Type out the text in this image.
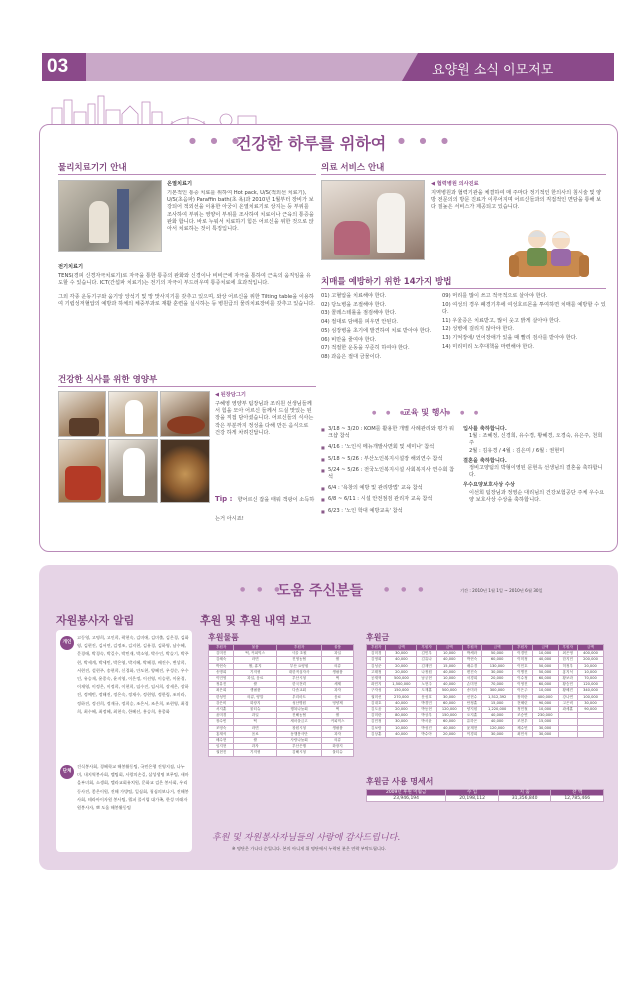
03	요양원 소식 이모저모
● ● ●
건강한 하루를 위하여 ● ● ●
물리치료기기 안내
온열치료기
기본적인 통증 치료를 위하여 Hot pack, U/S(적외선 치료기), U/S(초음파) Paraffin bath(초 욕)과 2010년 1월부터 장비가 보강되어 적외선을 이용한 아궁이 온열치료기로 상지는 등 부위를 조사하여 부위는 영양이 부위를 조사하여 치료이나 근육의 통증을 완화 합니다. 바로 누워서 치료하기 힘든 어르신을 위한 것으로 앉아서 치료하는 것이 특징입니다.
전기치료기
TENS(경피 신경자극치료기)로 자극을 통한 통증의 완화와 신경이나 비비근에 자극을 통하여 근육의 움직임을 유도할 수 있습니다. ICT(간섭파 치료기)는 전기의 자극이 부드러우며 통증치료에 효과적입니다.
그외 각종 운동기구와 움기앙 앙석기 및 망 맛사지기를 갖추고 있으며, 와상 어르신을 위한 Tilting table을 이용하여 기립성저혈압의 예방과 하체의 체중부과로 재활 훈련을 실시하는 등 병원급의 물리치료장비를 갖추고 있습니다.
의료 서비스 안내
◀ 협력병원 의사진료
지역병원과 협력기관을 체결하여 매 주마다 정기적인 한의사의 침시술 및 양방 전문의의 방문 진료가 이루어지며 어르신들과의 직접적인 면담을 통해 보다 질높은 서비스가 제공되고 있습니다.
치매를 예방하기 위한 14가지 방법
01) 고혈압을 치료해야 한다.
02) 당뇨병을 조절해야 한다.
03) 콜레스테롤을 점검해야 한다.
04) 절대로 담배를 피우면 안된다.
05) 심장병을 초기에 발견하여 치료 받아야 한다.
06) 비만을 줄여야 한다.
07) 적절한 운동을 꾸준히 하여야 한다.
08) 과음은 절대 금물이다.
09) 머리를 많이 쓰고 적극적으로 살아야 한다.
10) 여성의 경우 폐경기후에 여성호르몬을 투여하면 치매를 예방할 수 있다.
11) 우울증은 치료받고, 많이 웃고 밝게 살아야 한다.
12) 성병에 걸리지 않아야 한다.
13) 기억장애/ 언어장애가 있을 때 빨리 검사를 받아야 한다.
14) 미리미리 노후대책을 마련해야 한다.
건강한 식사를 위한 영양부
◀ 된장담그기
구혜영 영양부 팀장님과 조리원 선생님들께서 힘을 모아 어르신 들께서 드실 맛있는 된장을 직접 담아셨습니다. 어르신들의 식사는 작은 부분까지 정성을 다해 만든 음식으로 건강 하게 차려진답니다.
Tip : 향어르신 잡을 태워 객팡이 소득하는거 아시죠!
● ● ●
교육 및 행사
● ● ●
■ 3/18 ~ 3/20 : KOM를 활용한 개별 사례관리와 평가 워크샵 참석
■ 4/16 : '노인식 메뉴개발사면회 및 세미나' 참석
■ 5/18 ~ 5/26 : 부산노인복지시설장 해외연수 참석
■ 5/24 ~ 5/26 : 전국노인복지시설 사회복지사 연수회 참석
■ 6/4 : '욕창의 예방 및 관리방법' 교육 참석
■ 6/8 ~ 6/11 : 시설 안전점검 관리자 교육 참석
■ 6/23 : '노인 학대 예방교육' 참석
입사를 축하합니다.
1월 : 조혜정, 신경희, 유수경, 황혜경, 오경숙, 유은주, 천희주
2월 : 김유경 / 4월 : 김은미 / 6월 : 권현미
결혼을 축하합니다.
정비고양팀의 박형이영된 문현옥 선생님의 결혼을 축하합니다.
우수요양보호사상 수상
이선희 팀장님과 정영순 대리님의 건강보험공단 주체 우수요양 보호사상 수상을 축하합니다.
● ● ●
도움 주신분들	● ● ●	기간 : 2010년 1월 1일 ~ 2010년 6월 30일
자원봉사자 알림
개인
고동영, 고명희, 고인희, 곽현숙, 김미애, 김미출, 김은경, 김화영, 김현진, 김서연, 김정조, 김지현, 김유경, 김하영, 남수혜, 문경애, 박경숙, 박길수, 박민재, 박소영, 박수인, 박슬기, 박주현, 박세계, 박세민, 박은영, 박지혜, 박혜경, 배진수, 변상희, 서현진, 설현주, 송현희, 신경화, 안도현, 양혜진, 우성순, 우수인, 유승재, 윤종숙, 윤지영, 이은정, 이선영, 이승현, 이윤경, 이재영, 이정은, 이정희, 이현희, 임수진, 임서희, 장세은, 장하진, 정예빈, 정해진, 정은숙, 정재수, 정현영, 정한림, 조미라, 정하진, 정선희, 정재규, 정희승, 조은서, 조은희, 조현영, 최경희, 최수혜, 최정혜, 최현숙, 한혜선, 홍승희, 홍종화
단체
건식봉사회, 경혜학교 해봉활동팀, 국민은행 진영지점, 나누미, 내지역봉사회, 멜팀회, 사랑의손길, 삼성생명 보무팀, 새마을부녀회, 소생회, 엘라교회유치원, 문화교 검은 봉사회, 우리동사진, 좋은이원, 진해 가방팀, 일심회, 청심의보나거, 진해봉사회, 테라아이자원 봉사팀, 헬퍼 풀시럽 대가족, 한성 미래자원봉사자, 뽀 도움 해봉활동팀
후원 및 후원 내역 보고
후원물품
후원자	물품	후원자	물품
김미진	떡, 커피믹스	시골 초원	과일
김혜숙	라면	진영농협	쌀
박현숙	쌀, 휴지	부산 요양원	의류
송명희	기저귀	대한적십자사	생필품
이민영	과일, 음료	부산시청	떡
정유진	쌀	한국전력	세제
최은희	생필품	다솜교회	과자
한성민	의류, 양말	우리마트	음료
강은비	화장지	성산병원	영양제
서지훈	물티슈	행복나눔회	떡
윤미경	과일	진해농협	쌀
장수빈	떡	새마을금고	커피믹스
조영숙	라면	창원시청	생필품
홍재석	음료	동행봉사단	과자
배수현	쌀	사랑나눔회	의류
임지현	과자	부산은행	화장지
권현진	기저귀	김해시청	물티슈
후원금
후원자	금액	후원자	금액	후원자	금액	후원자	금액	후원자	금액
김미경	30,000	김민우	10,000	박세라	50,000	이경민	10,000	최은영	400,000
김영희	40,000	김유나	40,000	박현숙	60,000	이미정	40,000	한지민	200,000
김성준	20,000	김재민	15,000	배수경	130,000	이민호	50,000	허정우	20,000
고태정	20,000	나정원	40,000	변진숙	30,000	이병진	50,000	홍지석	10,000
공재혁	500,000	남궁현	10,000	서경희	20,000	이수정	60,000	황보라	70,000
곽민지	1,500,000	노현주	40,000	손미현	70,000	이영진	60,000	황승민	120,000
구자성	150,000	도재훈	500,000	송미라	300,000	이은주	10,000	황혜진	340,000
권미선	270,000	문성호	30,000	신현수	1,512,392	장미란	400,000	강나연	100,000
김대호	40,000	박경민	60,000	안정훈	15,000	전혜린	90,000	고은비	30,000
김도윤	20,000	박동현	120,000	양지원	1,220,000	정민철	10,000	곽세훈	90,000
김미란	80,000	박상우	150,000	오지훈	40,000	조승연	230,000		
김민정	30,000	박서윤	60,000	유하은	40,000	조현우	15,000		
김보람	10,000	박성진	40,000	윤재현	120,000	채수빈	30,000		
김상훈	40,000	박수아	20,000	이경희	30,000	최민석	30,000		
후원금 사용 명세서
2009년 후원 이월금	수 입	지 출	잔 액
23,946,194	20,198,112	31,356,840	12,785,466
후원 및 자원봉사자님들의 사랑에 감사드립니다.
※ 명단은 가나다 순입니다. 본의 아니게 위 명단에서 누락된 분은 연락 부탁드립니다.
